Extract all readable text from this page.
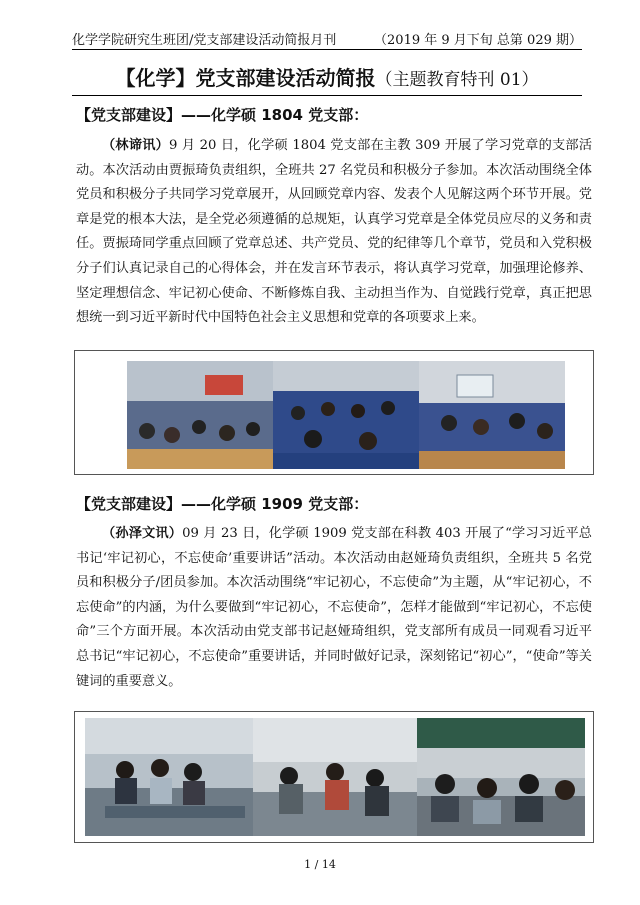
化学学院研究生班团/党支部建设活动简报月刊	（2019 年 9 月下旬 总第 029 期）
【化学】党支部建设活动简报（主题教育特刊 01）
【党支部建设】——化学硕 1804 党支部：

（林谛讯）9 月 20 日，化学硕 1804 党支部在主教 309 开展了学习党章的支部活动。本次活动由贾振琦负责组织，全班共 27 名党员和积极分子参加。本次活动围绕全体党员和积极分子共同学习党章展开，从回顾党章内容、发表个人见解这两个环节开展。党章是党的根本大法，是全党必须遵循的总规矩，认真学习党章是全体党员应尽的义务和责任。贾振琦同学重点回顾了党章总述、共产党员、党的纪律等几个章节，党员和入党积极分子们认真记录自己的心得体会，并在发言环节表示，将认真学习党章，加强理论修养、坚定理想信念、牢记初心使命、不断修炼自我、主动担当作为、自觉践行党章，真正把思想统一到习近平新时代中国特色社会主义思想和党章的各项要求上来。

【党支部建设】——化学硕 1909 党支部：

（孙泽文讯）09 月 23 日，化学硕 1909 党支部在科教 403 开展了“学习习近平总书记‘牢记初心，不忘使命’重要讲话”活动。本次活动由赵娅琦负责组织，全班共 5 名党员和积极分子/团员参加。本次活动围绕“牢记初心，不忘使命”为主题，从“牢记初心，不忘使命”的内涵，为什么要做到“牢记初心，不忘使命”，怎样才能做到“牢记初心，不忘使命”三个方面开展。本次活动由党支部书记赵娅琦组织，党支部所有成员一同观看习近平总书记“牢记初心，不忘使命”重要讲话，并同时做好记录，深刻铭记“初心”，“使命”等关键词的重要意义。

1 / 14
